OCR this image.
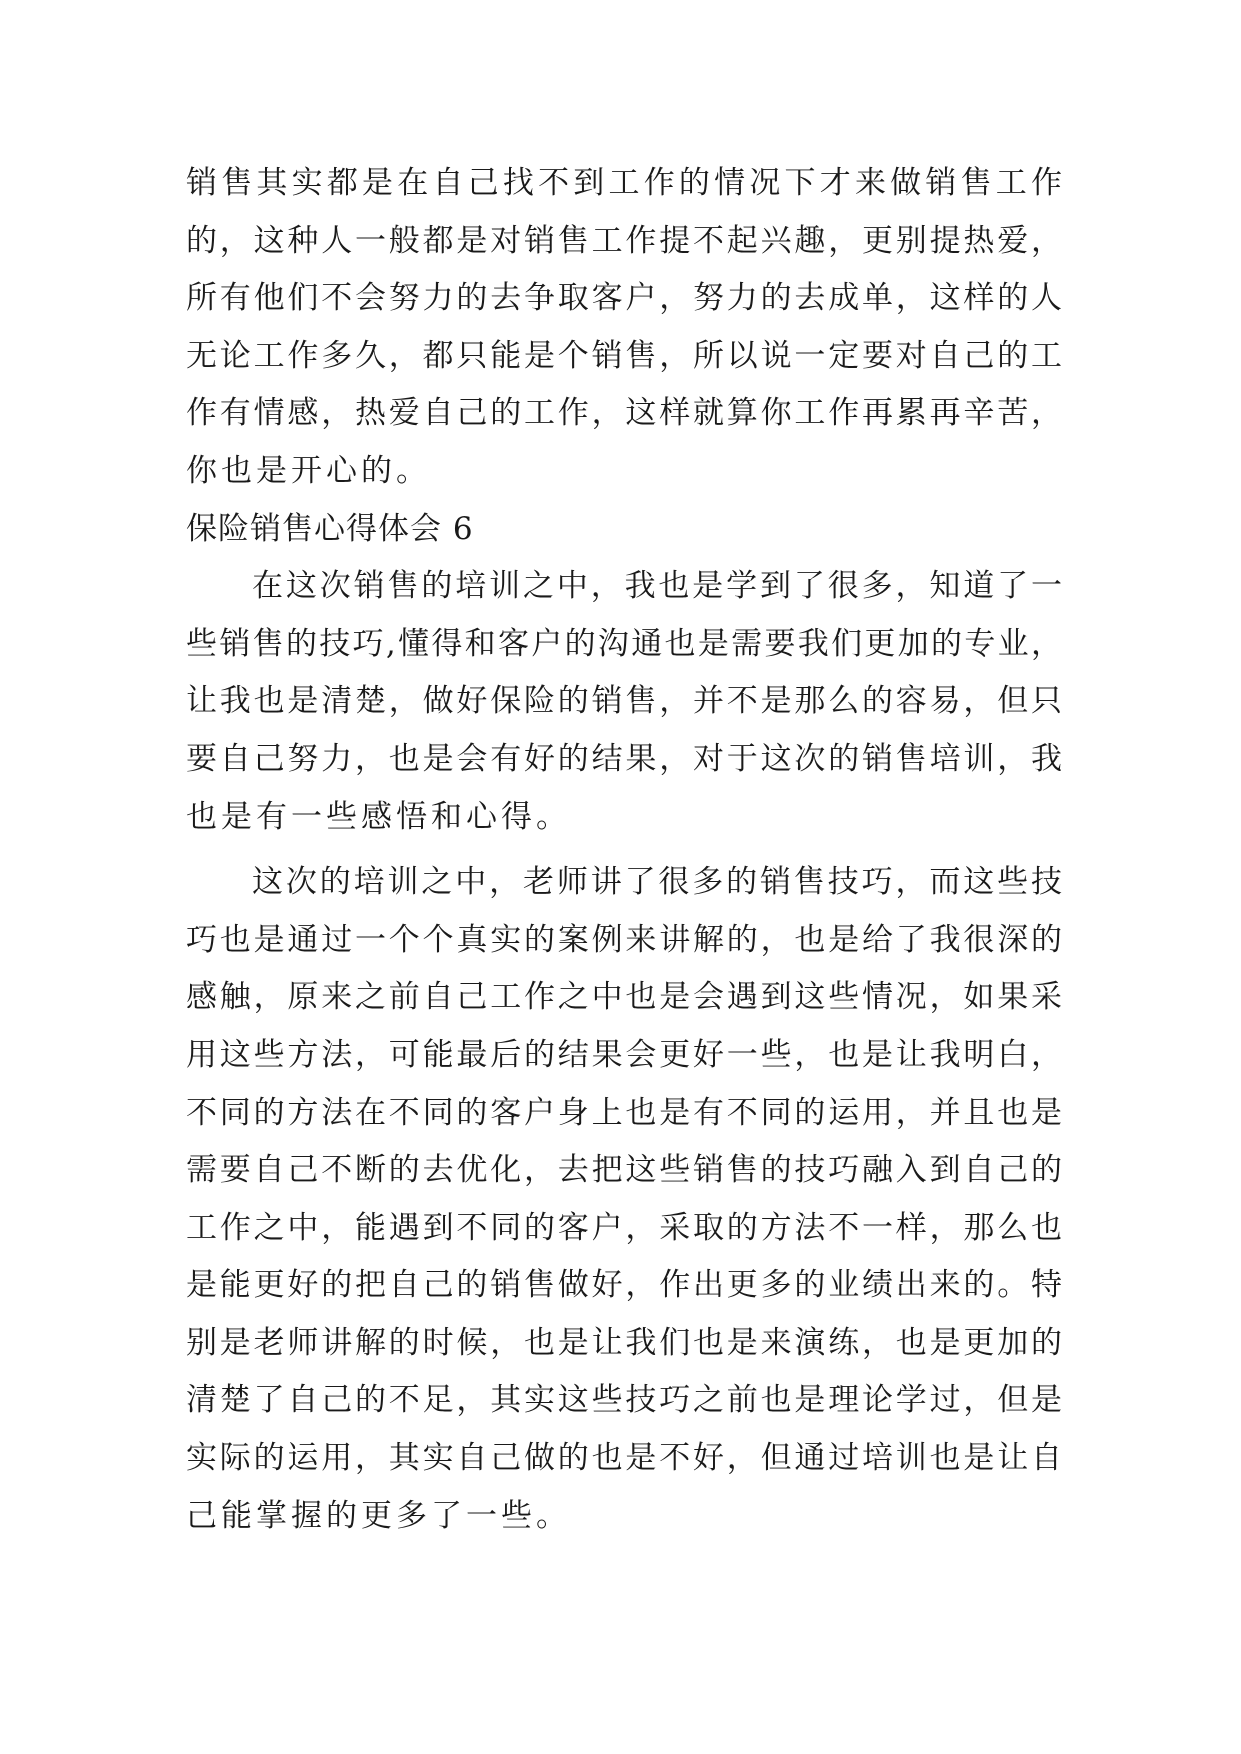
销售其实都是在自己找不到工作的情况下才来做销售工作
的，这种人一般都是对销售工作提不起兴趣，更别提热爱，
所有他们不会努力的去争取客户，努力的去成单，这样的人
无论工作多久，都只能是个销售，所以说一定要对自己的工
作有情感，热爱自己的工作，这样就算你工作再累再辛苦，
你也是开心的。
保险销售心得体会 6
在这次销售的培训之中，我也是学到了很多，知道了一
些销售的技巧,懂得和客户的沟通也是需要我们更加的专业，
让我也是清楚，做好保险的销售，并不是那么的容易，但只
要自己努力，也是会有好的结果，对于这次的销售培训，我
也是有一些感悟和心得。
这次的培训之中，老师讲了很多的销售技巧，而这些技
巧也是通过一个个真实的案例来讲解的，也是给了我很深的
感触，原来之前自己工作之中也是会遇到这些情况，如果采
用这些方法，可能最后的结果会更好一些，也是让我明白，
不同的方法在不同的客户身上也是有不同的运用，并且也是
需要自己不断的去优化，去把这些销售的技巧融入到自己的
工作之中，能遇到不同的客户，采取的方法不一样，那么也
是能更好的把自己的销售做好，作出更多的业绩出来的。特
别是老师讲解的时候，也是让我们也是来演练，也是更加的
清楚了自己的不足，其实这些技巧之前也是理论学过，但是
实际的运用，其实自己做的也是不好，但通过培训也是让自
己能掌握的更多了一些。
